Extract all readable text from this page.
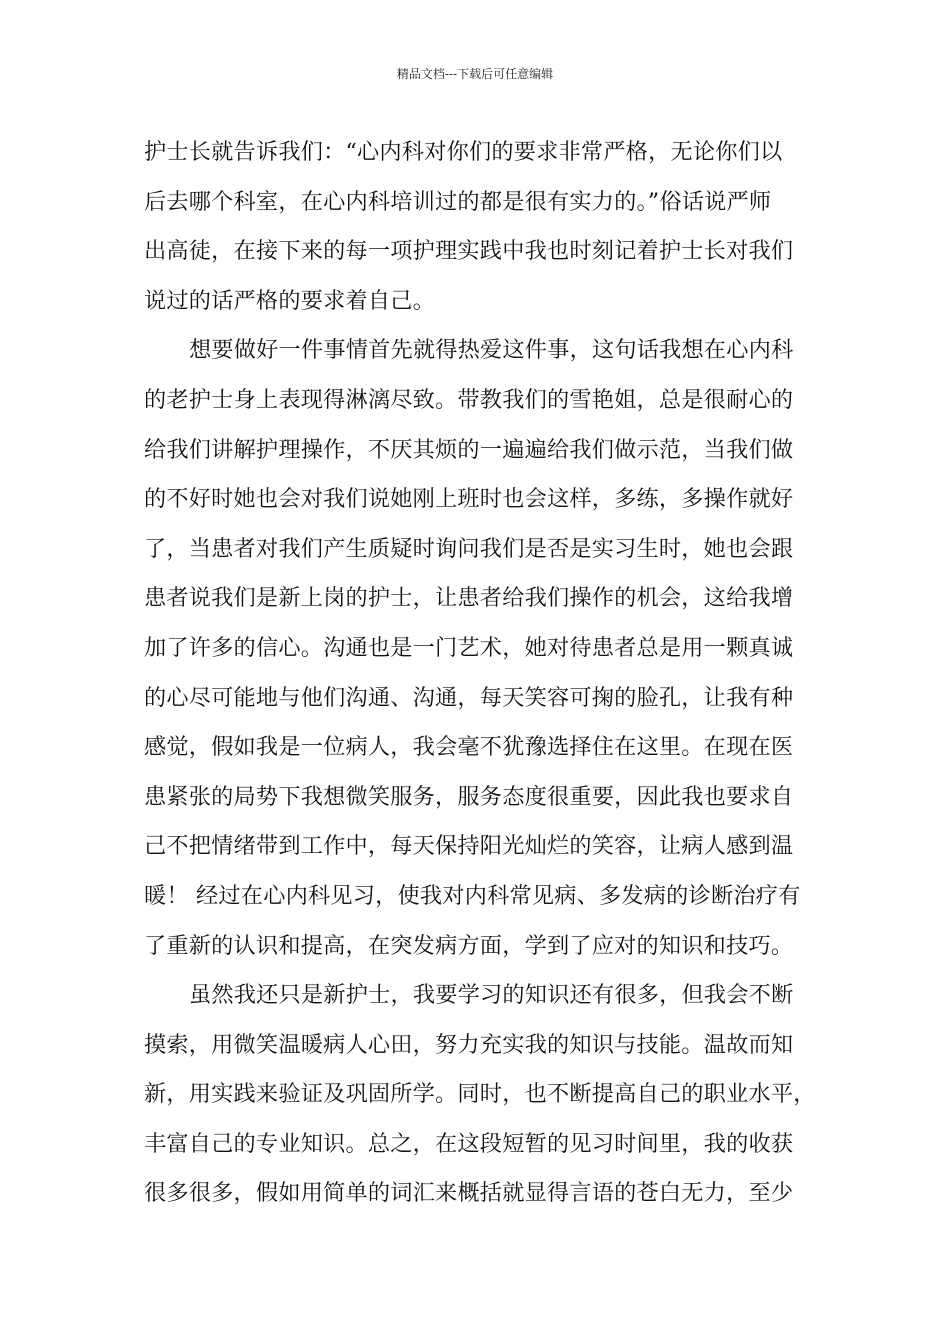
精品文档---下载后可任意编辑
护士长就告诉我们：“心内科对你们的要求非常严格，无论你们以
后去哪个科室，在心内科培训过的都是很有实力的。”俗话说严师
出高徒，在接下来的每一项护理实践中我也时刻记着护士长对我们
说过的话严格的要求着自己。
想要做好一件事情首先就得热爱这件事，这句话我想在心内科
的老护士身上表现得淋漓尽致。带教我们的雪艳姐，总是很耐心的
给我们讲解护理操作，不厌其烦的一遍遍给我们做示范，当我们做
的不好时她也会对我们说她刚上班时也会这样，多练，多操作就好
了，当患者对我们产生质疑时询问我们是否是实习生时，她也会跟
患者说我们是新上岗的护士，让患者给我们操作的机会，这给我增
加了许多的信心。沟通也是一门艺术，她对待患者总是用一颗真诚
的心尽可能地与他们沟通、沟通，每天笑容可掬的脸孔，让我有种
感觉，假如我是一位病人，我会毫不犹豫选择住在这里。在现在医
患紧张的局势下我想微笑服务，服务态度很重要，因此我也要求自
己不把情绪带到工作中，每天保持阳光灿烂的笑容，让病人感到温
暖！ 经过在心内科见习，使我对内科常见病、多发病的诊断治疗有
了重新的认识和提高，在突发病方面，学到了应对的知识和技巧。
虽然我还只是新护士，我要学习的知识还有很多，但我会不断
摸索，用微笑温暖病人心田，努力充实我的知识与技能。温故而知
新，用实践来验证及巩固所学。同时，也不断提高自己的职业水平，
丰富自己的专业知识。总之，在这段短暂的见习时间里，我的收获
很多很多，假如用简单的词汇来概括就显得言语的苍白无力，至少
